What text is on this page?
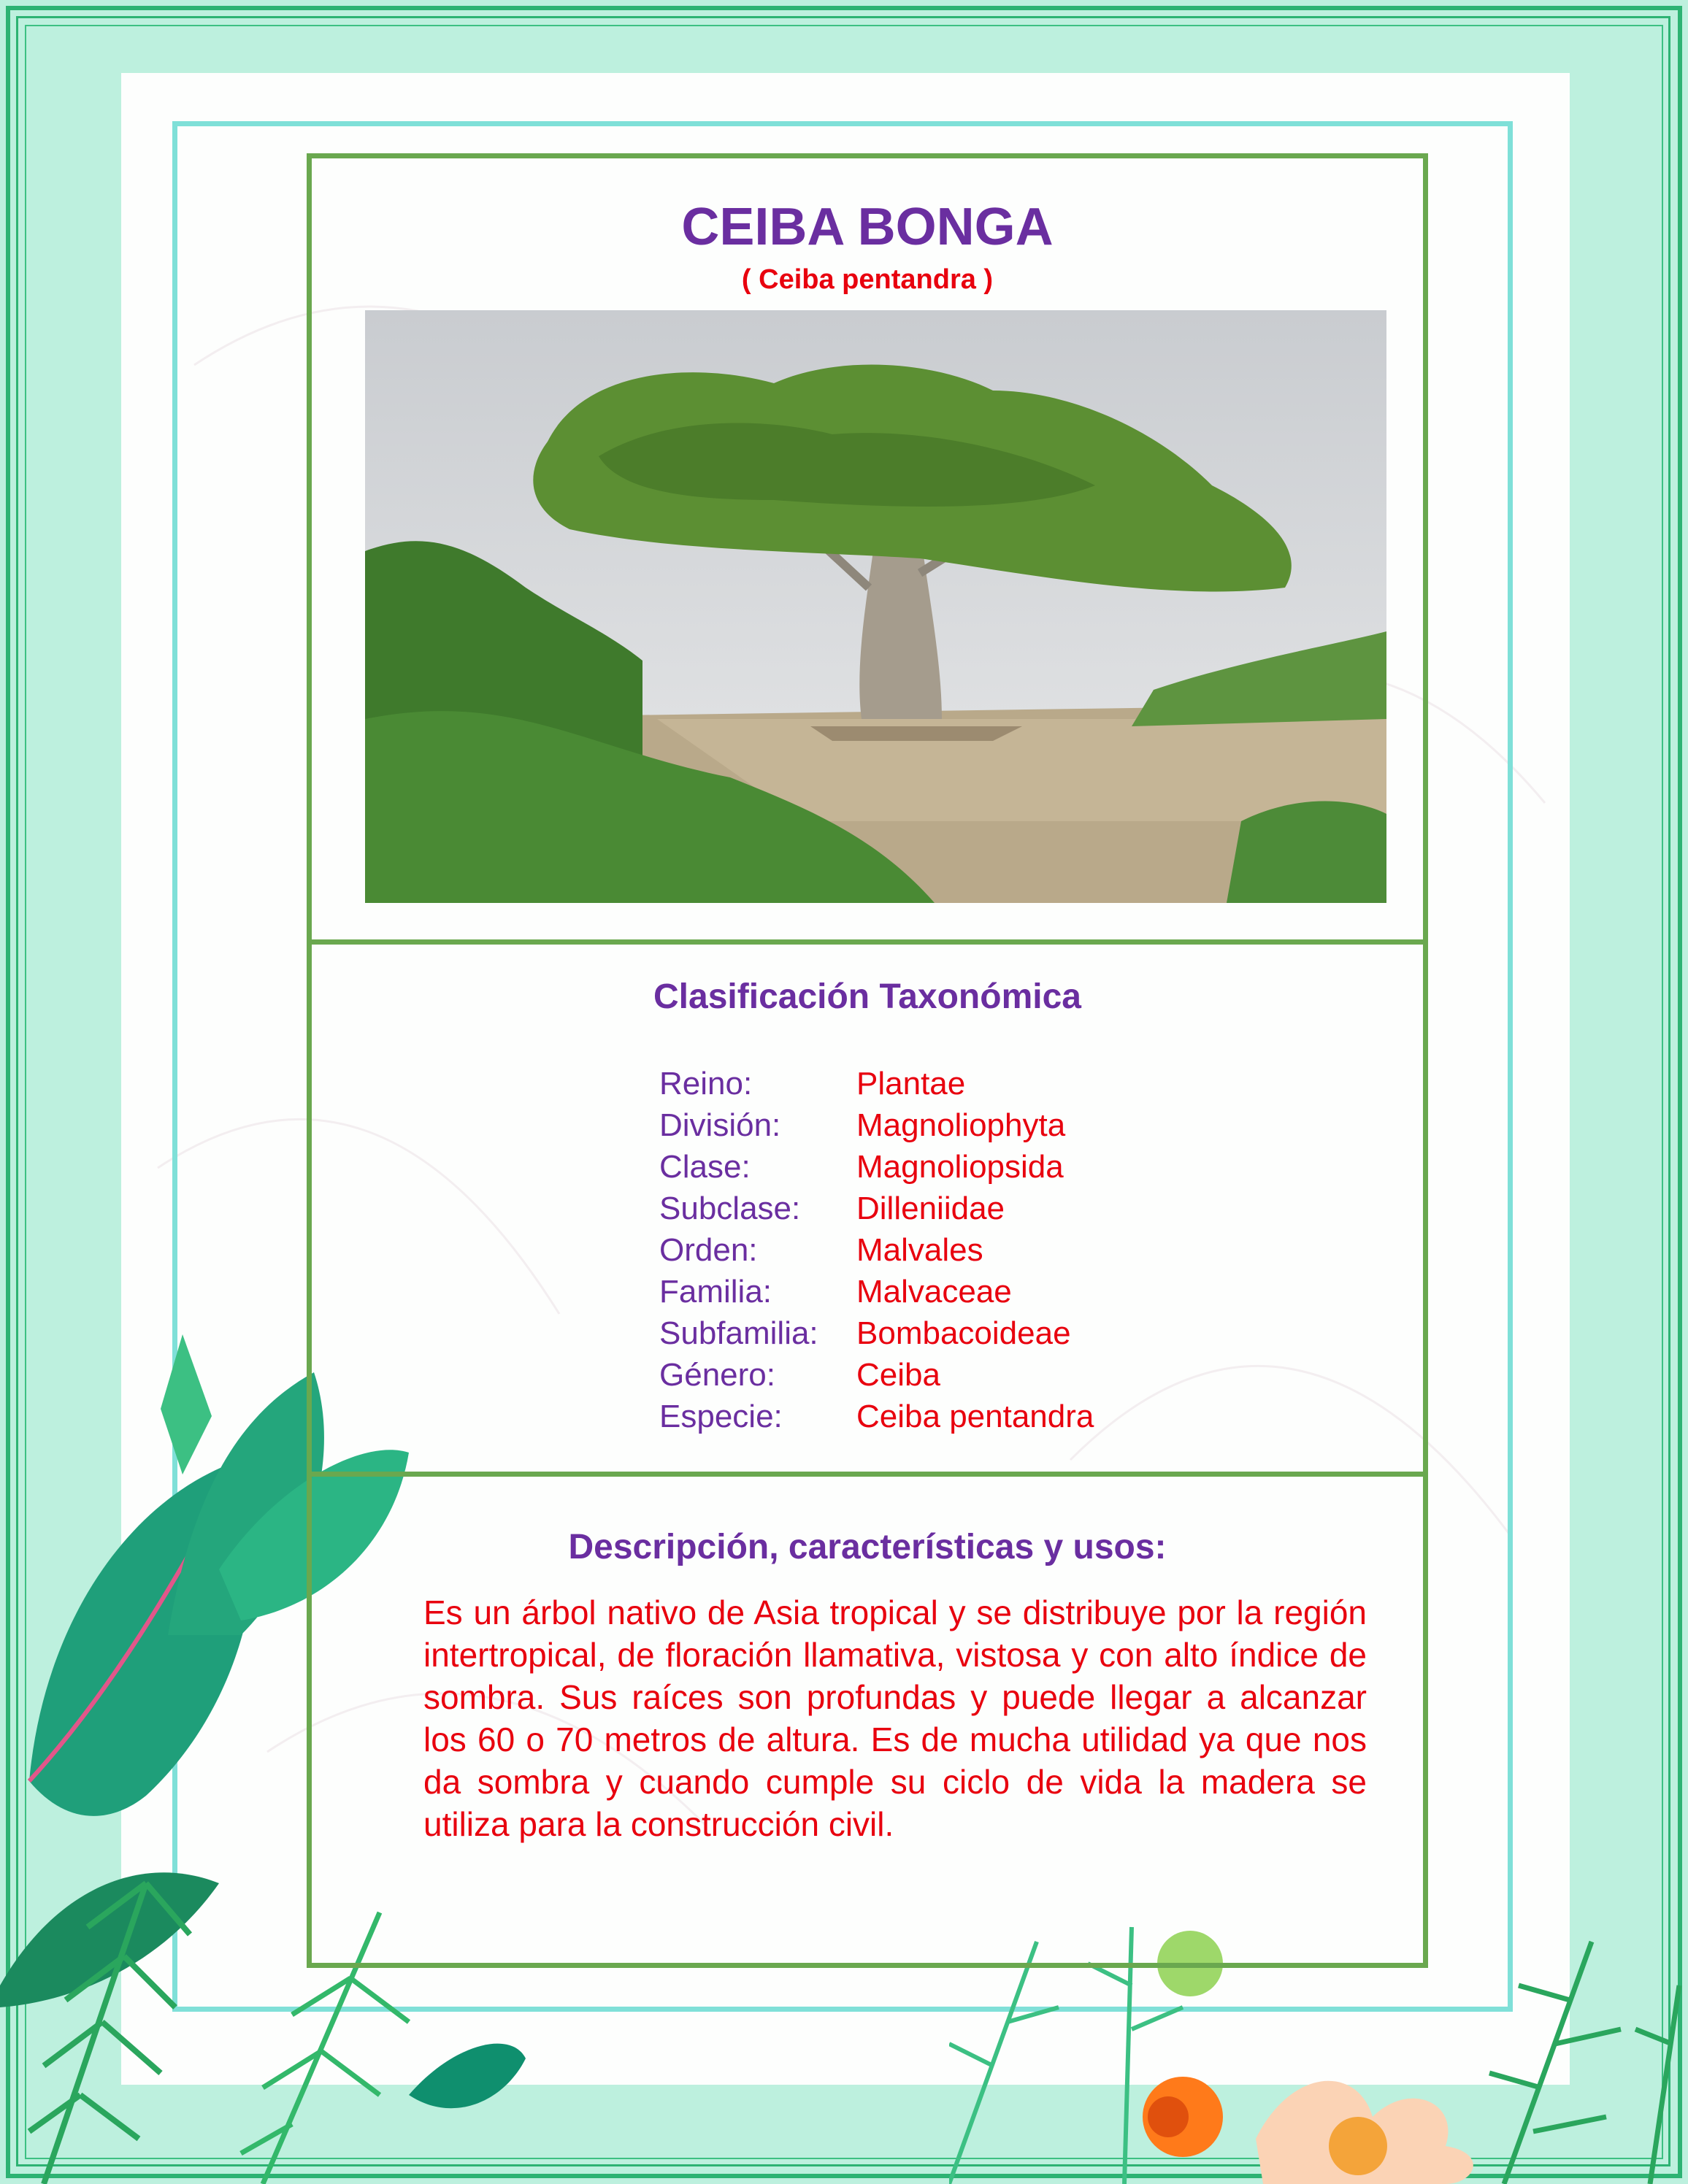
CEIBA BONGA
( Ceiba pentandra )
Clasificación Taxonómica
Reino:	Plantae
División:	Magnoliophyta
Clase:	Magnoliopsida
Subclase:	Dilleniidae
Orden:	Malvales
Familia:	Malvaceae
Subfamilia:	Bombacoideae
Género:	Ceiba
Especie:	Ceiba pentandra
Descripción, características y usos:
Es un árbol nativo de Asia tropical y se distribuye por la región intertropical, de floración llamativa, vistosa y con alto índice de sombra. Sus raíces son profundas y puede llegar a alcanzar los 60 o 70 metros de altura. Es de mucha utilidad ya que nos da sombra y cuando cumple su ciclo de vida la madera se utiliza para la construcción civil.
